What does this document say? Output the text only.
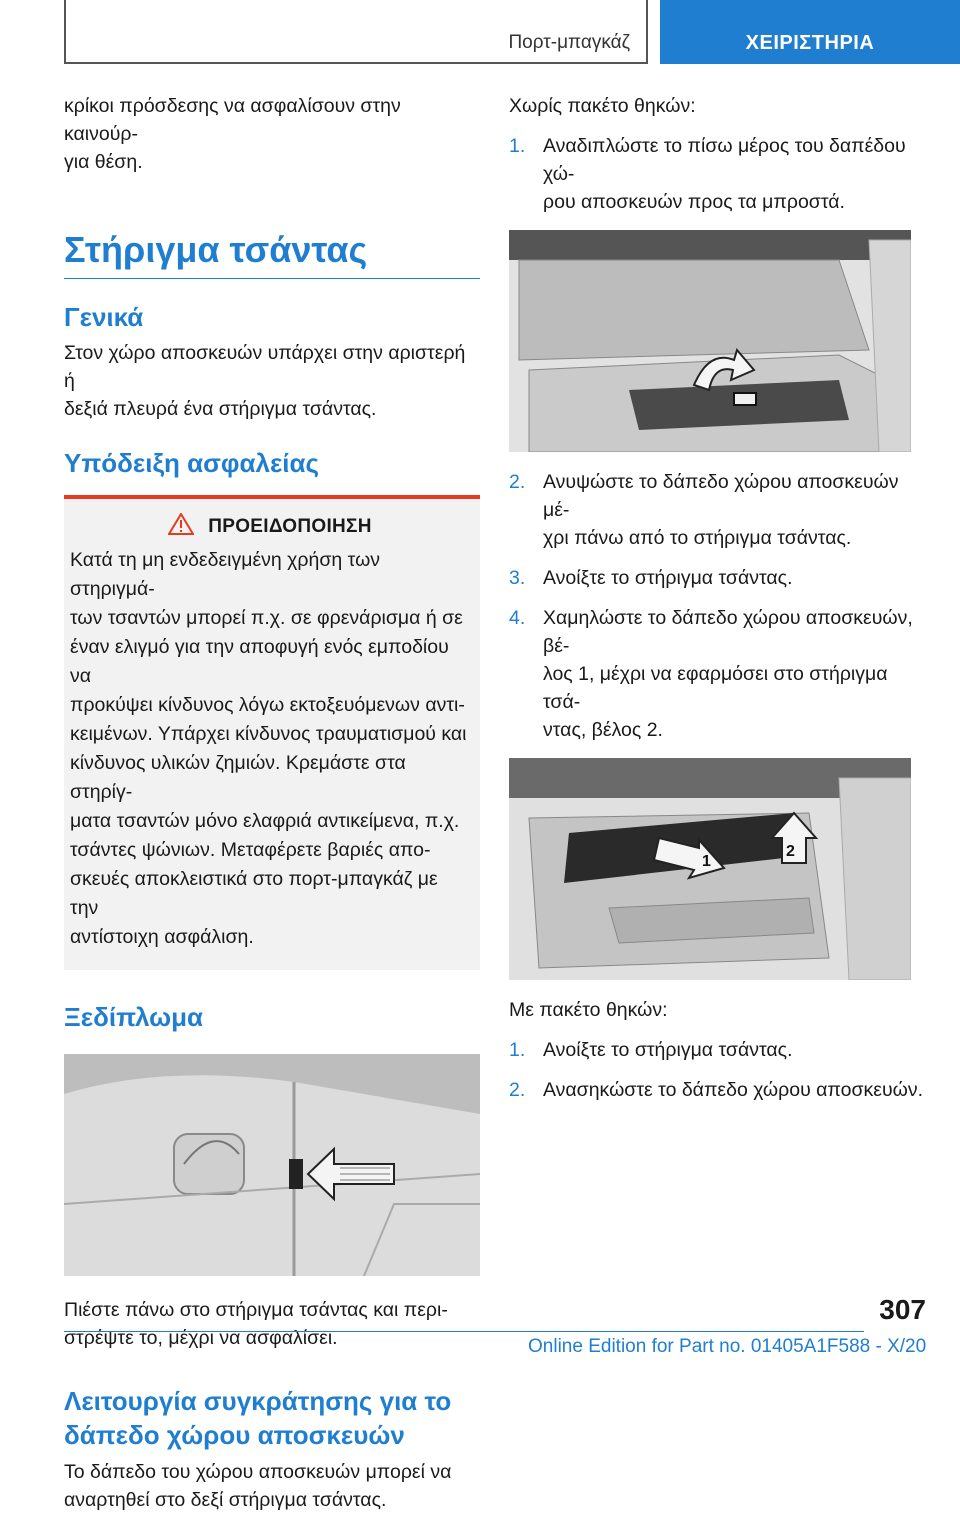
Πορτ-μπαγκάζ	ΧΕΙΡΙΣΤΗΡΙΑ

κρίκοι πρόσδεσης να ασφαλίσουν στην καινούρ-
για θέση.

Στήριγμα τσάντας
Γενικά

Στον χώρο αποσκευών υπάρχει στην αριστερή ή
δεξιά πλευρά ένα στήριγμα τσάντας.

Υπόδειξη ασφαλείας
ΠΡΟΕΙΔΟΠΟΙΗΣΗ

Κατά τη μη ενδεδειγμένη χρήση των στηριγμά-
των τσαντών μπορεί π.χ. σε φρενάρισμα ή σε
έναν ελιγμό για την αποφυγή ενός εμποδίου να
προκύψει κίνδυνος λόγω εκτοξευόμενων αντι-
κειμένων. Υπάρχει κίνδυνος τραυματισμού και
κίνδυνος υλικών ζημιών. Κρεμάστε στα στηρίγ-
ματα τσαντών μόνο ελαφριά αντικείμενα, π.χ.
τσάντες ψώνιων. Μεταφέρετε βαριές απο-
σκευές αποκλειστικά στο πορτ-μπαγκάζ με την
αντίστοιχη ασφάλιση.

Ξεδίπλωμα

Πιέστε πάνω στο στήριγμα τσάντας και περι-
στρέψτε το, μέχρι να ασφαλίσει.

Λειτουργία συγκράτησης για το
δάπεδο χώρου αποσκευών

Το δάπεδο του χώρου αποσκευών μπορεί να
αναρτηθεί στο δεξί στήριγμα τσάντας.

Χωρίς πακέτο θηκών:

1. Αναδιπλώστε το πίσω μέρος του δαπέδου χώ-
ρου αποσκευών προς τα μπροστά.
2. Ανυψώστε το δάπεδο χώρου αποσκευών μέ-
χρι πάνω από το στήριγμα τσάντας.
3. Ανοίξτε το στήριγμα τσάντας.
4. Χαμηλώστε το δάπεδο χώρου αποσκευών, βέ-
λος 1, μέχρι να εφαρμόσει στο στήριγμα τσά-
ντας, βέλος 2.
1
2

Με πακέτο θηκών:

1. Ανοίξτε το στήριγμα τσάντας.
2. Ανασηκώστε το δάπεδο χώρου αποσκευών.
307
Online Edition for Part no. 01405A1F588 - X/20
